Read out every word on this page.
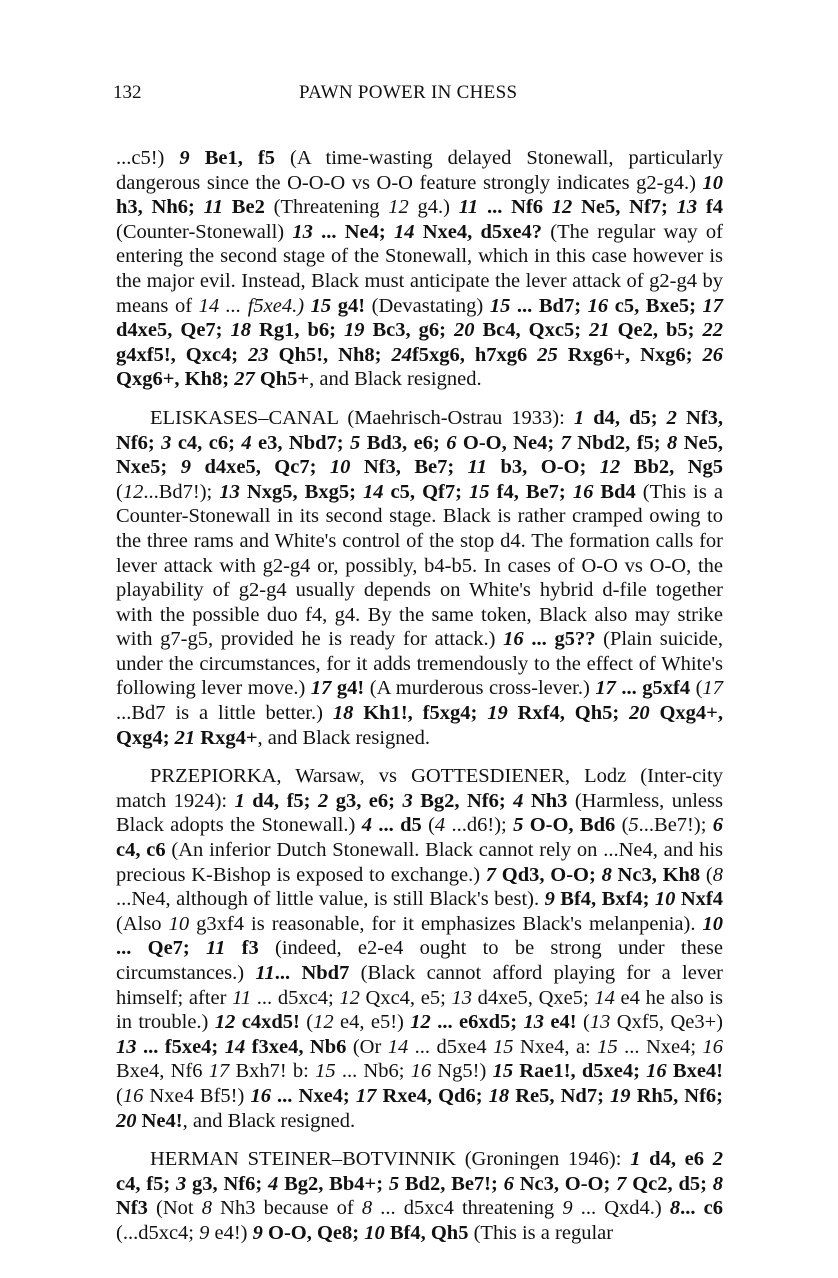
132	PAWN POWER IN CHESS

...c5!) 9 Be1, f5 (A time-wasting delayed Stonewall, particularly dangerous since the O-O-O vs O-O feature strongly indicates g2-g4.) 10 h3, Nh6; 11 Be2 (Threatening 12 g4.) 11 ... Nf6 12 Ne5, Nf7; 13 f4 (Counter-Stonewall) 13 ... Ne4; 14 Nxe4, d5xe4? (The regular way of entering the second stage of the Stonewall, which in this case however is the major evil. Instead, Black must anticipate the lever attack of g2-g4 by means of 14 ... f5xe4.) 15 g4! (Devastating) 15 ... Bd7; 16 c5, Bxe5; 17 d4xe5, Qe7; 18 Rg1, b6; 19 Bc3, g6; 20 Bc4, Qxc5; 21 Qe2, b5; 22 g4xf5!, Qxc4; 23 Qh5!, Nh8; 24f5xg6, h7xg6 25 Rxg6+, Nxg6; 26 Qxg6+, Kh8; 27 Qh5+, and Black resigned.

ELISKASES–CANAL (Maehrisch-Ostrau 1933): 1 d4, d5; 2 Nf3, Nf6; 3 c4, c6; 4 e3, Nbd7; 5 Bd3, e6; 6 O-O, Ne4; 7 Nbd2, f5; 8 Ne5, Nxe5; 9 d4xe5, Qc7; 10 Nf3, Be7; 11 b3, O-O; 12 Bb2, Ng5 (12...Bd7!); 13 Nxg5, Bxg5; 14 c5, Qf7; 15 f4, Be7; 16 Bd4 (This is a Counter-Stonewall in its second stage. Black is rather cramped owing to the three rams and White's control of the stop d4. The formation calls for lever attack with g2-g4 or, possibly, b4-b5. In cases of O-O vs O-O, the playability of g2-g4 usually depends on White's hybrid d-file together with the possible duo f4, g4. By the same token, Black also may strike with g7-g5, provided he is ready for attack.) 16 ... g5?? (Plain suicide, under the circumstances, for it adds tremendously to the effect of White's following lever move.) 17 g4! (A murderous cross-lever.) 17 ... g5xf4 (17 ...Bd7 is a little better.) 18 Kh1!, f5xg4; 19 Rxf4, Qh5; 20 Qxg4+, Qxg4; 21 Rxg4+, and Black resigned.

PRZEPIORKA, Warsaw, vs GOTTESDIENER, Lodz (Inter-city match 1924): 1 d4, f5; 2 g3, e6; 3 Bg2, Nf6; 4 Nh3 (Harmless, unless Black adopts the Stonewall.) 4 ... d5 (4 ...d6!); 5 O-O, Bd6 (5...Be7!); 6 c4, c6 (An inferior Dutch Stonewall. Black cannot rely on ...Ne4, and his precious K-Bishop is exposed to exchange.) 7 Qd3, O-O; 8 Nc3, Kh8 (8 ...Ne4, although of little value, is still Black's best). 9 Bf4, Bxf4; 10 Nxf4 (Also 10 g3xf4 is reasonable, for it emphasizes Black's melanpenia). 10 ... Qe7; 11 f3 (indeed, e2-e4 ought to be strong under these circumstances.) 11... Nbd7 (Black cannot afford playing for a lever himself; after 11 ... d5xc4; 12 Qxc4, e5; 13 d4xe5, Qxe5; 14 e4 he also is in trouble.) 12 c4xd5! (12 e4, e5!) 12 ... e6xd5; 13 e4! (13 Qxf5, Qe3+) 13 ... f5xe4; 14 f3xe4, Nb6 (Or 14 ... d5xe4 15 Nxe4, a: 15 ... Nxe4; 16 Bxe4, Nf6 17 Bxh7! b: 15 ... Nb6; 16 Ng5!) 15 Rae1!, d5xe4; 16 Bxe4! (16 Nxe4 Bf5!) 16 ... Nxe4; 17 Rxe4, Qd6; 18 Re5, Nd7; 19 Rh5, Nf6; 20 Ne4!, and Black resigned.

HERMAN STEINER–BOTVINNIK (Groningen 1946): 1 d4, e6 2 c4, f5; 3 g3, Nf6; 4 Bg2, Bb4+; 5 Bd2, Be7!; 6 Nc3, O-O; 7 Qc2, d5; 8 Nf3 (Not 8 Nh3 because of 8 ... d5xc4 threatening 9 ... Qxd4.) 8... c6 (...d5xc4; 9 e4!) 9 O-O, Qe8; 10 Bf4, Qh5 (This is a regular
